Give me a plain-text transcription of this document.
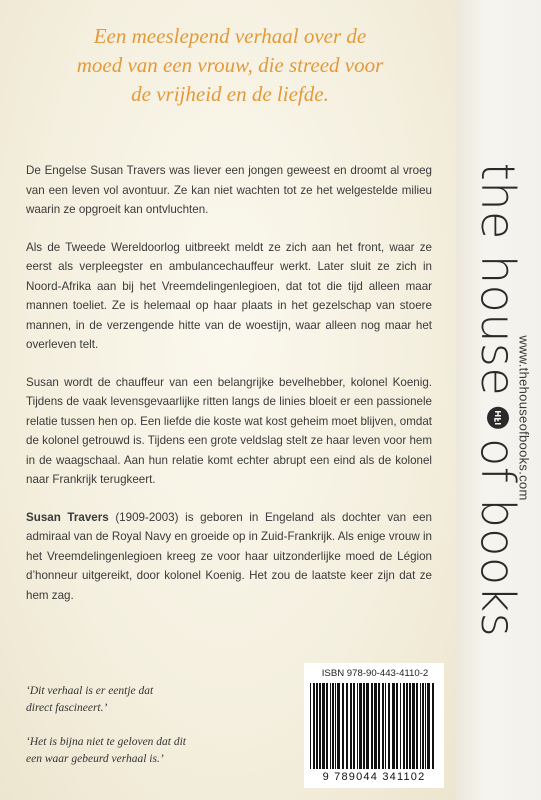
Een meeslepend verhaal over de
moed van een vrouw, die streed voor
de vrijheid en de liefde.

De Engelse Susan Travers was liever een jongen geweest en droomt al vroeg van een leven vol avontuur. Ze kan niet wachten tot ze het welgestelde milieu waarin ze opgroeit kan ontvluchten.

Als de Tweede Wereldoorlog uitbreekt meldt ze zich aan het front, waar ze eerst als verpleegster en ambulancechauffeur werkt. Later sluit ze zich in Noord-Afrika aan bij het Vreemdelingenlegioen, dat tot die tijd alleen maar mannen toeliet. Ze is helemaal op haar plaats in het gezelschap van stoere mannen, in de verzengende hitte van de woestijn, waar alleen nog maar het overleven telt.

Susan wordt de chauffeur van een belangrijke bevelhebber, kolonel Koenig. Tijdens de vaak levensgevaarlijke ritten langs de linies bloeit er een passionele relatie tussen hen op. Een liefde die koste wat kost geheim moet blijven, omdat de kolonel getrouwd is. Tijdens een grote veldslag stelt ze haar leven voor hem in de waagschaal. Aan hun relatie komt echter abrupt een eind als de kolonel naar Frankrijk terugkeert.

Susan Travers (1909-2003) is geboren in Engeland als dochter van een admiraal van de Royal Navy en groeide op in Zuid-Frankrijk. Als enige vrouw in het Vreemdelingenlegioen kreeg ze voor haar uitzonderlijke moed de Légion d’honneur uitgereikt, door kolonel Koenig. Het zou de laatste keer zijn dat ze hem zag.

‘Dit verhaal is er eentje dat
direct fascineert.’
‘Het is bijna niet te geloven dat dit
een waar gebeurd verhaal is.’
ISBN 978-90-443-4110-2
9 789044 341102
the house
of books
www.thehouseofbooks.com
